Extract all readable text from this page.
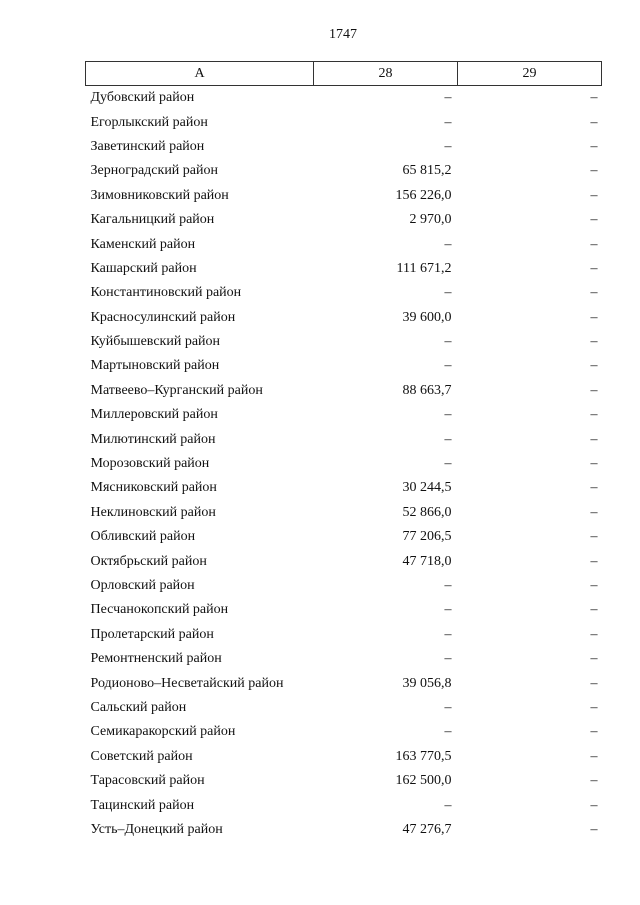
1747
А	28	29
Дубовский район	–	–
Егорлыкский район	–	–
Заветинский район	–	–
Зерноградский район	65 815,2	–
Зимовниковский район	156 226,0	–
Кагальницкий район	2 970,0	–
Каменский район	–	–
Кашарский район	111 671,2	–
Константиновский район	–	–
Красносулинский район	39 600,0	–
Куйбышевский район	–	–
Мартыновский район	–	–
Матвеево–Курганский район	88 663,7	–
Миллеровский район	–	–
Милютинский район	–	–
Морозовский район	–	–
Мясниковский район	30 244,5	–
Неклиновский район	52 866,0	–
Обливский район	77 206,5	–
Октябрьский район	47 718,0	–
Орловский район	–	–
Песчанокопский район	–	–
Пролетарский район	–	–
Ремонтненский район	–	–
Родионово–Несветайский район	39 056,8	–
Сальский район	–	–
Семикаракорский район	–	–
Советский район	163 770,5	–
Тарасовский район	162 500,0	–
Тацинский район	–	–
Усть–Донецкий район	47 276,7	–
